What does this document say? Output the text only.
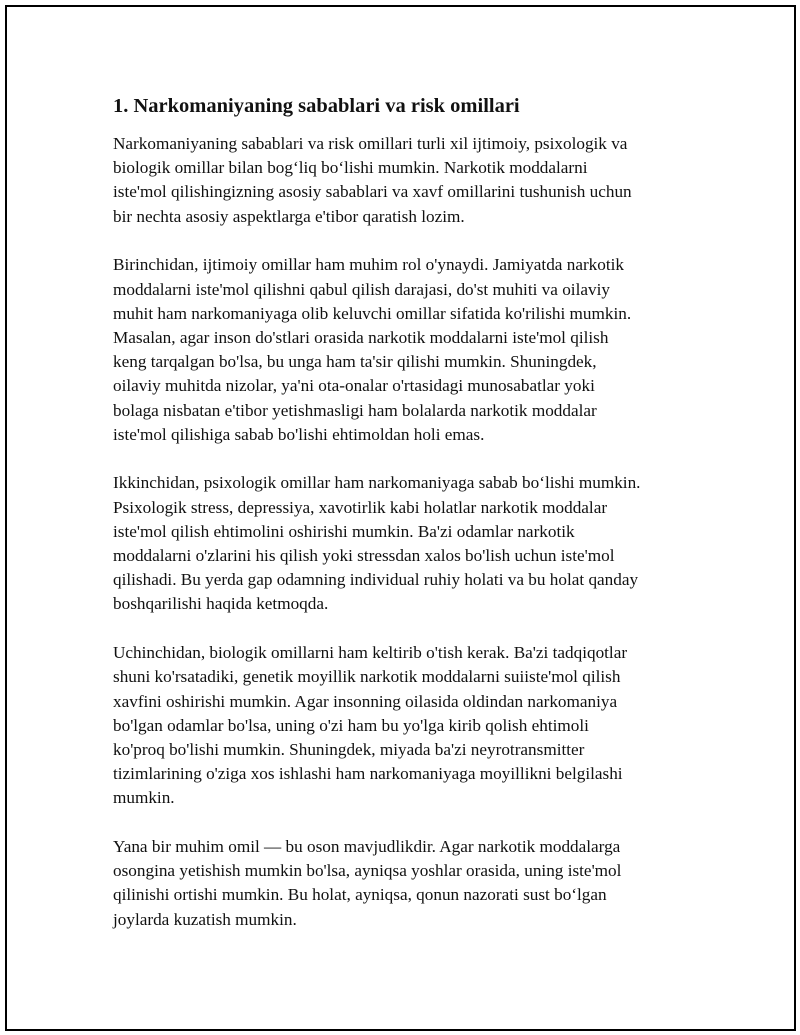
1. Narkomaniyaning sabablari va risk omillari
Narkomaniyaning sabablari va risk omillari turli xil ijtimoiy, psixologik va
biologik omillar bilan bog‘liq bo‘lishi mumkin. Narkotik moddalarni
iste'mol qilishingizning asosiy sabablari va xavf omillarini tushunish uchun
bir nechta asosiy aspektlarga e'tibor qaratish lozim.
Birinchidan, ijtimoiy omillar ham muhim rol o'ynaydi. Jamiyatda narkotik
moddalarni iste'mol qilishni qabul qilish darajasi, do'st muhiti va oilaviy
muhit ham narkomaniyaga olib keluvchi omillar sifatida ko'rilishi mumkin.
Masalan, agar inson do'stlari orasida narkotik moddalarni iste'mol qilish
keng tarqalgan bo'lsa, bu unga ham ta'sir qilishi mumkin. Shuningdek,
oilaviy muhitda nizolar, ya'ni ota-onalar o'rtasidagi munosabatlar yoki
bolaga nisbatan e'tibor yetishmasligi ham bolalarda narkotik moddalar
iste'mol qilishiga sabab bo'lishi ehtimoldan holi emas.
Ikkinchidan, psixologik omillar ham narkomaniyaga sabab bo‘lishi mumkin.
Psixologik stress, depressiya, xavotirlik kabi holatlar narkotik moddalar
iste'mol qilish ehtimolini oshirishi mumkin. Ba'zi odamlar narkotik
moddalarni o'zlarini his qilish yoki stressdan xalos bo'lish uchun iste'mol
qilishadi. Bu yerda gap odamning individual ruhiy holati va bu holat qanday
boshqarilishi haqida ketmoqda.
Uchinchidan, biologik omillarni ham keltirib o'tish kerak. Ba'zi tadqiqotlar
shuni ko'rsatadiki, genetik moyillik narkotik moddalarni suiiste'mol qilish
xavfini oshirishi mumkin. Agar insonning oilasida oldindan narkomaniya
bo'lgan odamlar bo'lsa, uning o'zi ham bu yo'lga kirib qolish ehtimoli
ko'proq bo'lishi mumkin. Shuningdek, miyada ba'zi neyrotransmitter
tizimlarining o'ziga xos ishlashi ham narkomaniyaga moyillikni belgilashi
mumkin.
Yana bir muhim omil — bu oson mavjudlikdir. Agar narkotik moddalarga
osongina yetishish mumkin bo'lsa, ayniqsa yoshlar orasida, uning iste'mol
qilinishi ortishi mumkin. Bu holat, ayniqsa, qonun nazorati sust bo‘lgan
joylarda kuzatish mumkin.
